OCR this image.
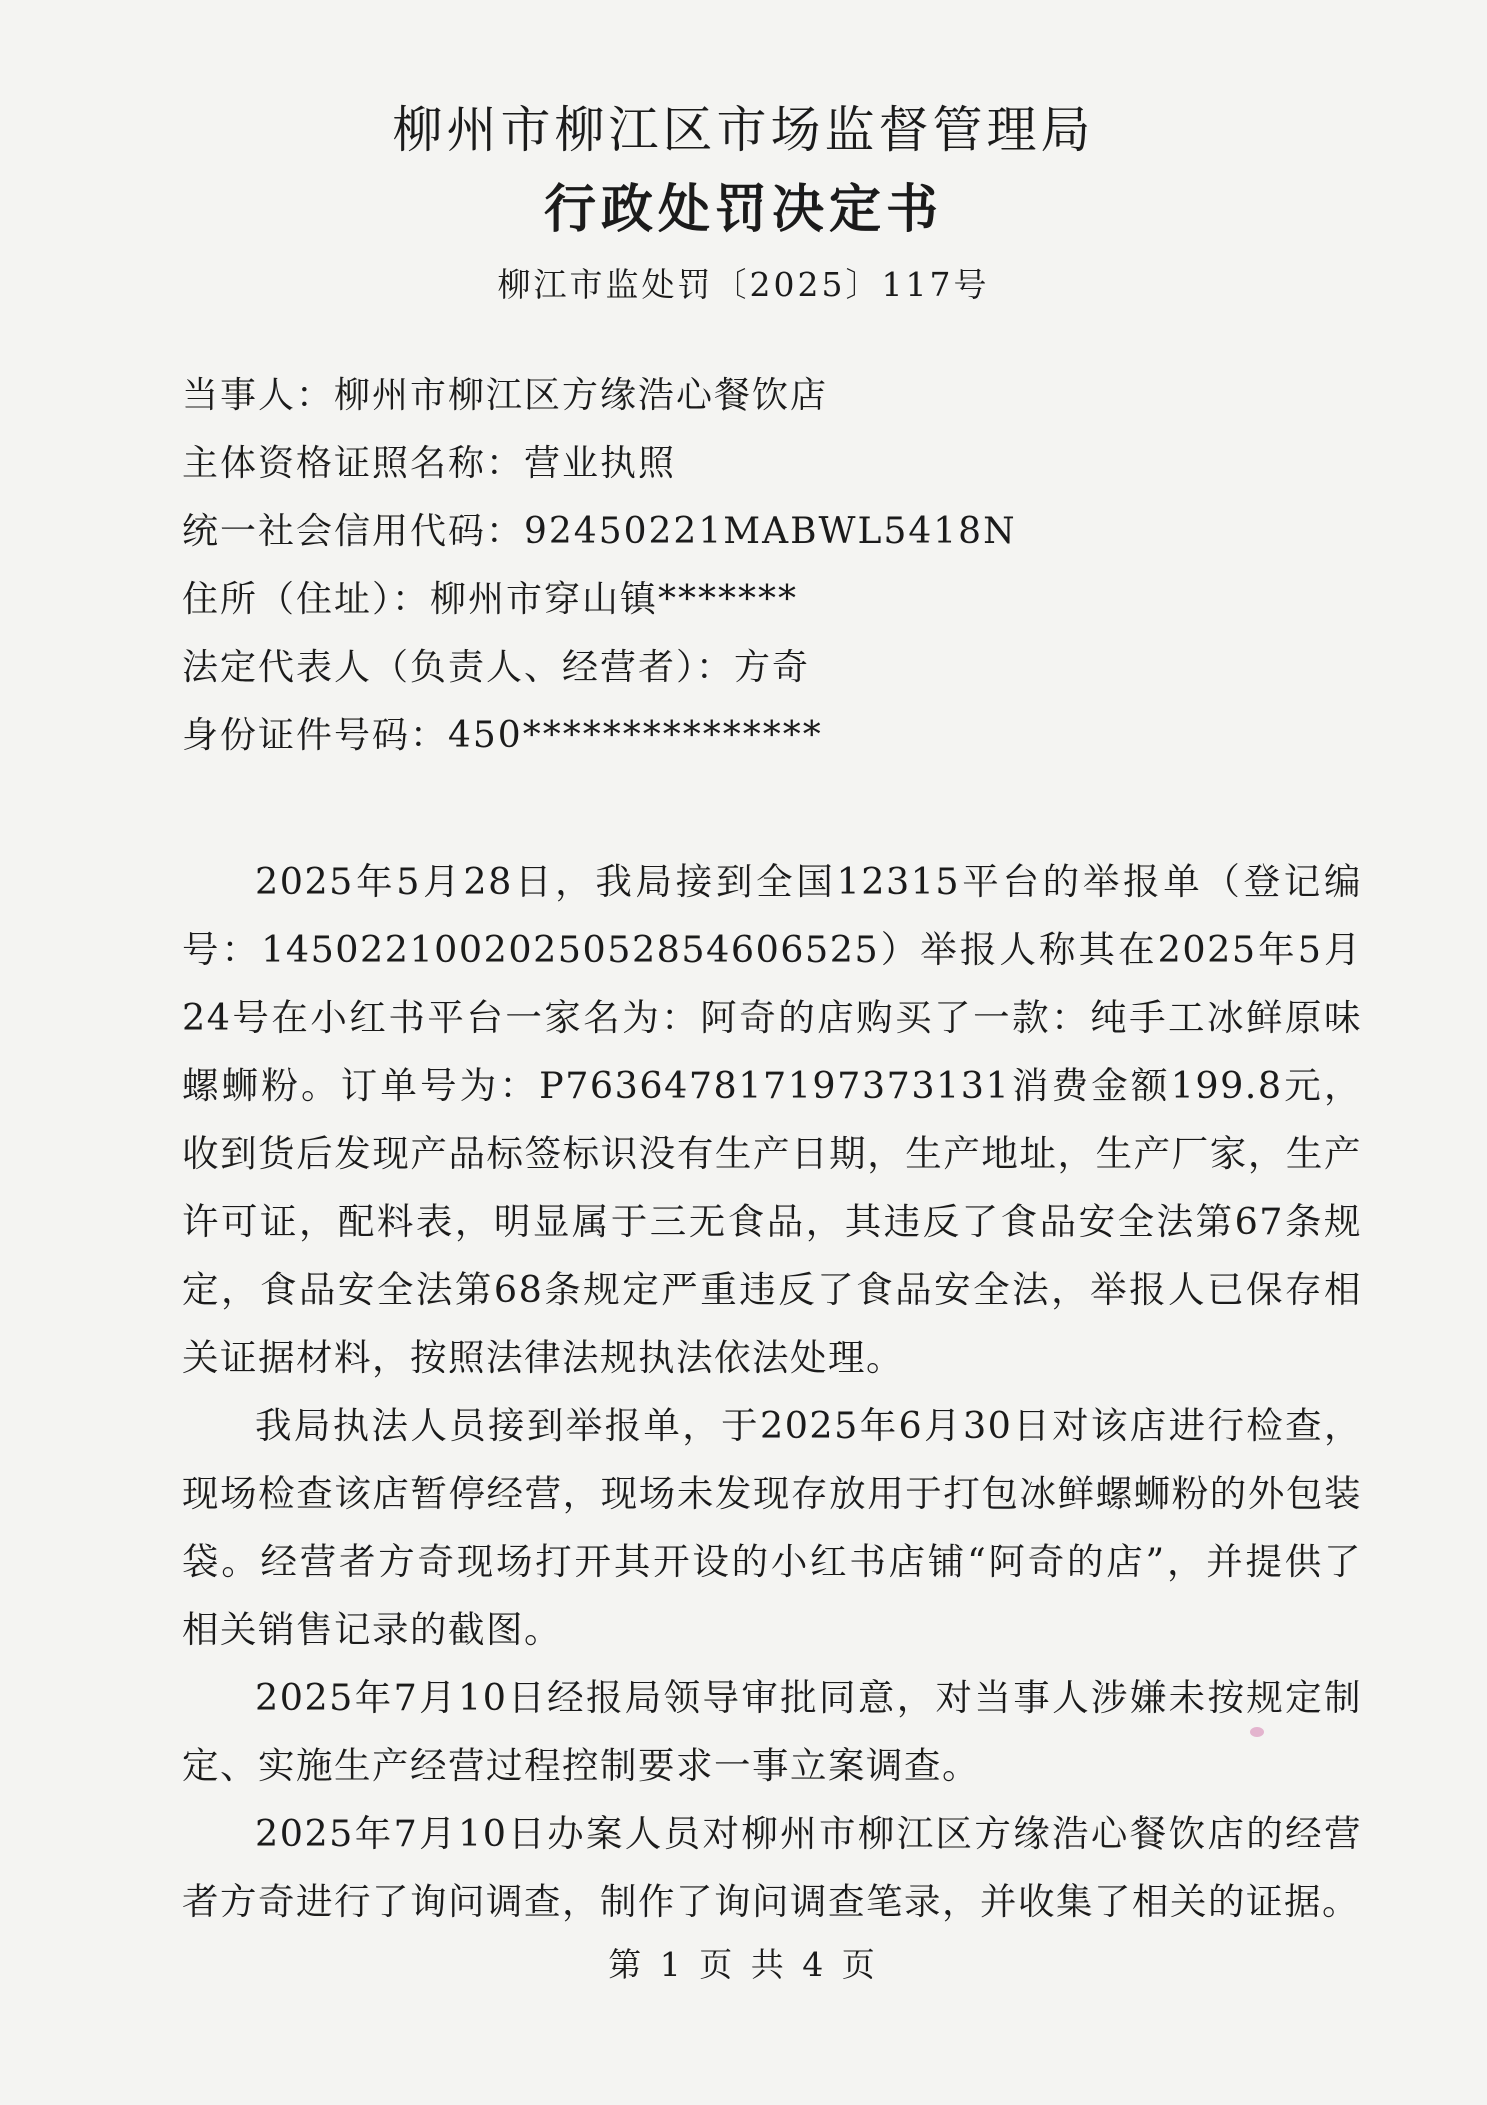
柳州市柳江区市场监督管理局
行政处罚决定书
柳江市监处罚〔2025〕117号
当事人：柳州市柳江区方缘浩心餐饮店
主体资格证照名称：营业执照
统一社会信用代码：92450221MABWL5418N
住所（住址）：柳州市穿山镇*******
法定代表人（负责人、经营者）：方奇
身份证件号码：450***************

2025年5月28日，我局接到全国12315平台的举报单（登记编号：1450221002025052854606525）举报人称其在2025年5月24号在小红书平台一家名为：阿奇的店购买了一款：纯手工冰鲜原味螺蛳粉。订单号为：P763647817197373131消费金额199.8元，收到货后发现产品标签标识没有生产日期，生产地址，生产厂家，生产许可证，配料表，明显属于三无食品，其违反了食品安全法第67条规定，食品安全法第68条规定严重违反了食品安全法，举报人已保存相关证据材料，按照法律法规执法依法处理。

我局执法人员接到举报单，于2025年6月30日对该店进行检查，现场检查该店暂停经营，现场未发现存放用于打包冰鲜螺蛳粉的外包装袋。经营者方奇现场打开其开设的小红书店铺“阿奇的店”，并提供了相关销售记录的截图。

2025年7月10日经报局领导审批同意，对当事人涉嫌未按规定制定、实施生产经营过程控制要求一事立案调查。

2025年7月10日办案人员对柳州市柳江区方缘浩心餐饮店的经营者方奇进行了询问调查，制作了询问调查笔录，并收集了相关的证据。

第 1 页 共 4 页
